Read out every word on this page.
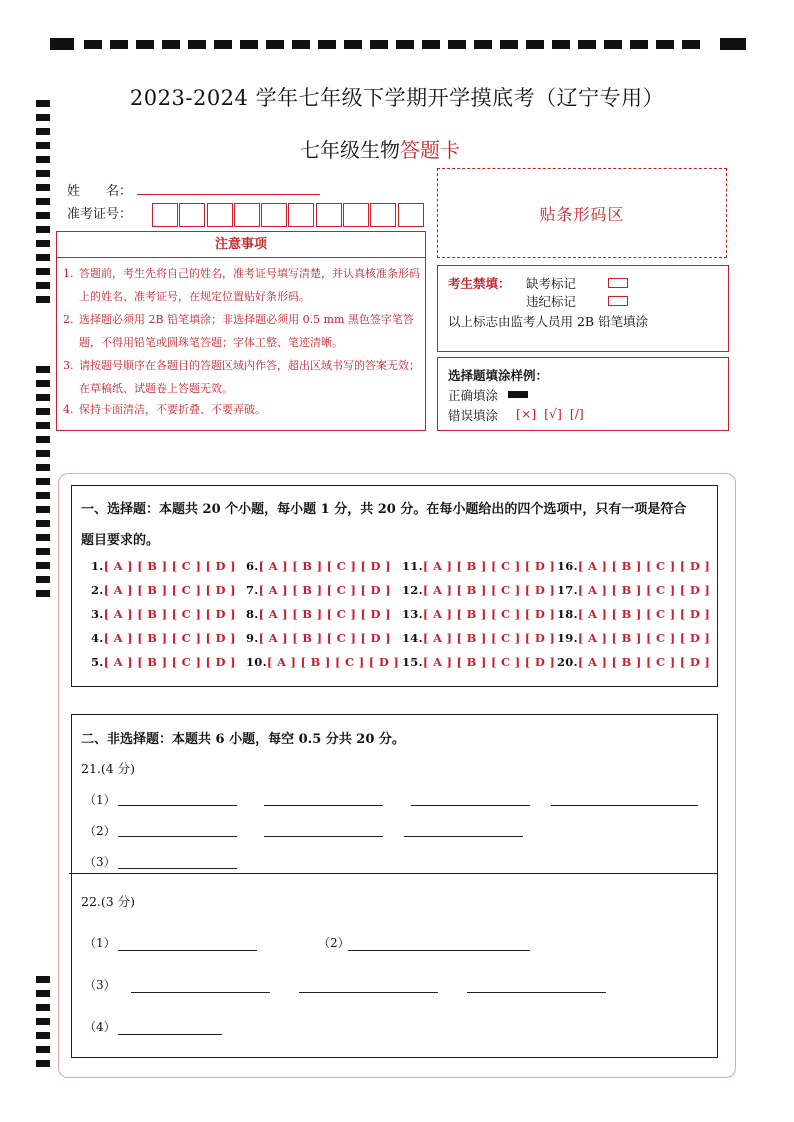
2023-2024 学年七年级下学期开学摸底考（辽宁专用）
七年级生物答题卡
姓　　名：
准考证号：	贴条形码区
注意事项
1. 答题前，考生先将自己的姓名，准考证号填写清楚，并认真核准条形码上的姓名、准考证号，在规定位置贴好条形码。
2. 选择题必须用 2B 铅笔填涂；非选择题必须用 0.5 mm 黑色签字笔答题，不得用铅笔或圆珠笔答题；字体工整、笔迹清晰。
3. 请按题号顺序在各题目的答题区域内作答，超出区域书写的答案无效；在草稿纸、试题卷上答题无效。
4. 保持卡面清洁，不要折叠、不要弄破。
考生禁填： 缺考标记
违纪标记
以上标志由监考人员用 2B 铅笔填涂
选择题填涂样例：
正确填涂
错误填涂 [×]  [√]  [/]
一、选择题：本题共 20 个小题，每小题 1 分，共 20 分。在每小题给出的四个选项中，只有一项是符合
题目要求的。
1.[ A ] [ B ] [ C ] [ D ]
2.[ A ] [ B ] [ C ] [ D ]
3.[ A ] [ B ] [ C ] [ D ]
4.[ A ] [ B ] [ C ] [ D ]
5.[ A ] [ B ] [ C ] [ D ]
6.[ A ] [ B ] [ C ] [ D ]
7.[ A ] [ B ] [ C ] [ D ]
8.[ A ] [ B ] [ C ] [ D ]
9.[ A ] [ B ] [ C ] [ D ]
10.[ A ] [ B ] [ C ] [ D ]
11.[ A ] [ B ] [ C ] [ D ]
12.[ A ] [ B ] [ C ] [ D ]
13.[ A ] [ B ] [ C ] [ D ]
14.[ A ] [ B ] [ C ] [ D ]
15.[ A ] [ B ] [ C ] [ D ]
16.[ A ] [ B ] [ C ] [ D ]
17.[ A ] [ B ] [ C ] [ D ]
18.[ A ] [ B ] [ C ] [ D ]
19.[ A ] [ B ] [ C ] [ D ]
20.[ A ] [ B ] [ C ] [ D ]
二、非选择题：本题共 6 小题，每空 0.5 分共 20 分。
21.(4 分)
（1）
（2）
（3）
22.(3 分)
（1）	（2）
（3）
（4）
